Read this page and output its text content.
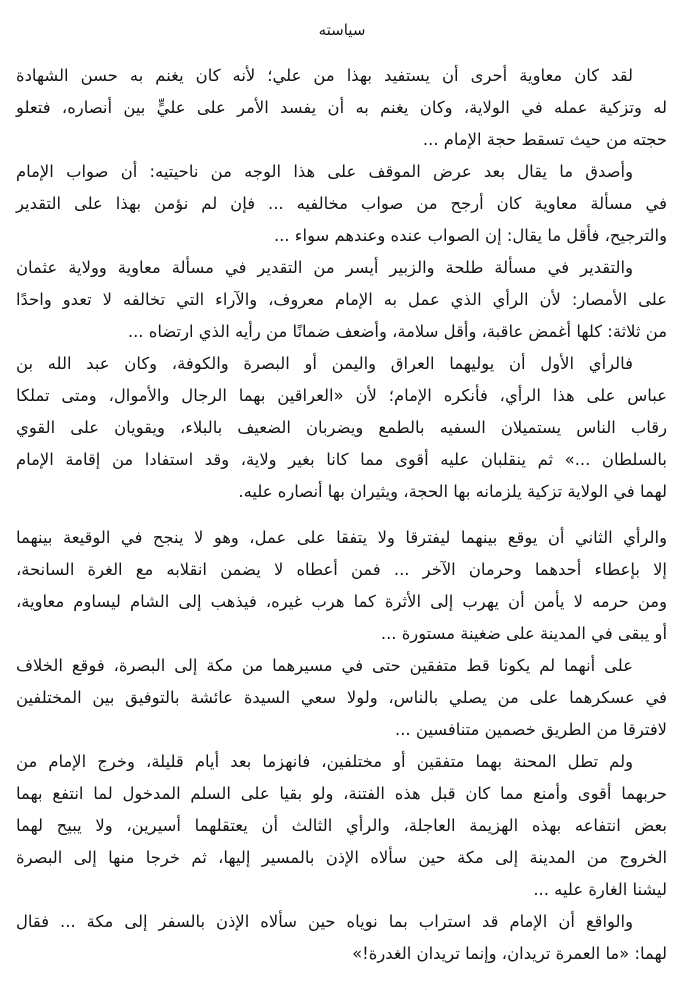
سياسته
لقد كان معاوية أحرى أن يستفيد بهذا من علي؛ لأنه كان يغنم به حسن الشهادة
له وتزكية عمله في الولاية، وكان يغنم به أن يفسد الأمر على عليٍّ بين أنصاره، فتعلو
حجته من حيث تسقط حجة الإمام ...
وأصدق ما يقال بعد عرض الموقف على هذا الوجه من ناحيتيه: أن صواب الإمام
في مسألة معاوية كان أرجح من صواب مخالفيه ... فإن لم نؤمن بهذا على التقدير
والترجيح، فأقل ما يقال: إن الصواب عنده وعندهم سواء ...
والتقدير في مسألة طلحة والزبير أيسر من التقدير في مسألة معاوية وولاية عثمان
على الأمصار: لأن الرأي الذي عمل به الإمام معروف، والآراء التي تخالفه لا تعدو واحدًا
من ثلاثة: كلها أغمض عاقبة، وأقل سلامة، وأضعف ضمانًا من رأيه الذي ارتضاه ...
فالرأي الأول أن يوليهما العراق واليمن أو البصرة والكوفة، وكان عبد الله بن
عباس على هذا الرأي، فأنكره الإمام؛ لأن «العراقين بهما الرجال والأموال، ومتى تملكا
رقاب الناس يستميلان السفيه بالطمع ويضربان الضعيف بالبلاء، ويقويان على القوي
بالسلطان ...» ثم ينقلبان عليه أقوى مما كانا بغير ولاية، وقد استفادا من إقامة الإمام
لهما في الولاية تزكية يلزمانه بها الحجة، ويثيران بها أنصاره عليه.
والرأي الثاني أن يوقع بينهما ليفترقا ولا يتفقا على عمل، وهو لا ينجح في الوقيعة بينهما
إلا بإعطاء أحدهما وحرمان الآخر ... فمن أعطاه لا يضمن انقلابه مع الغرة السانحة،
ومن حرمه لا يأمن أن يهرب إلى الأثرة كما هرب غيره، فيذهب إلى الشام ليساوم معاوية،
أو يبقى في المدينة على ضغينة مستورة ...
على أنهما لم يكونا قط متفقين حتى في مسيرهما من مكة إلى البصرة، فوقع الخلاف
في عسكرهما على من يصلي بالناس، ولولا سعي السيدة عائشة بالتوفيق بين المختلفين
لافترقا من الطريق خصمين متنافسين ...
ولم تطل المحنة بهما متفقين أو مختلفين، فانهزما بعد أيام قليلة، وخرج الإمام من
حربهما أقوى وأمنع مما كان قبل هذه الفتنة، ولو بقيا على السلم المدخول لما انتفع بهما
بعض انتفاعه بهذه الهزيمة العاجلة، والرأي الثالث أن يعتقلهما أسيرين، ولا يبيح لهما
الخروج من المدينة إلى مكة حين سألاه الإذن بالمسير إليها، ثم خرجا منها إلى البصرة
ليشنا الغارة عليه ...
والواقع أن الإمام قد استراب بما نوياه حين سألاه الإذن بالسفر إلى مكة ... فقال
لهما: «ما العمرة تريدان، وإنما تريدان الغدرة!»
